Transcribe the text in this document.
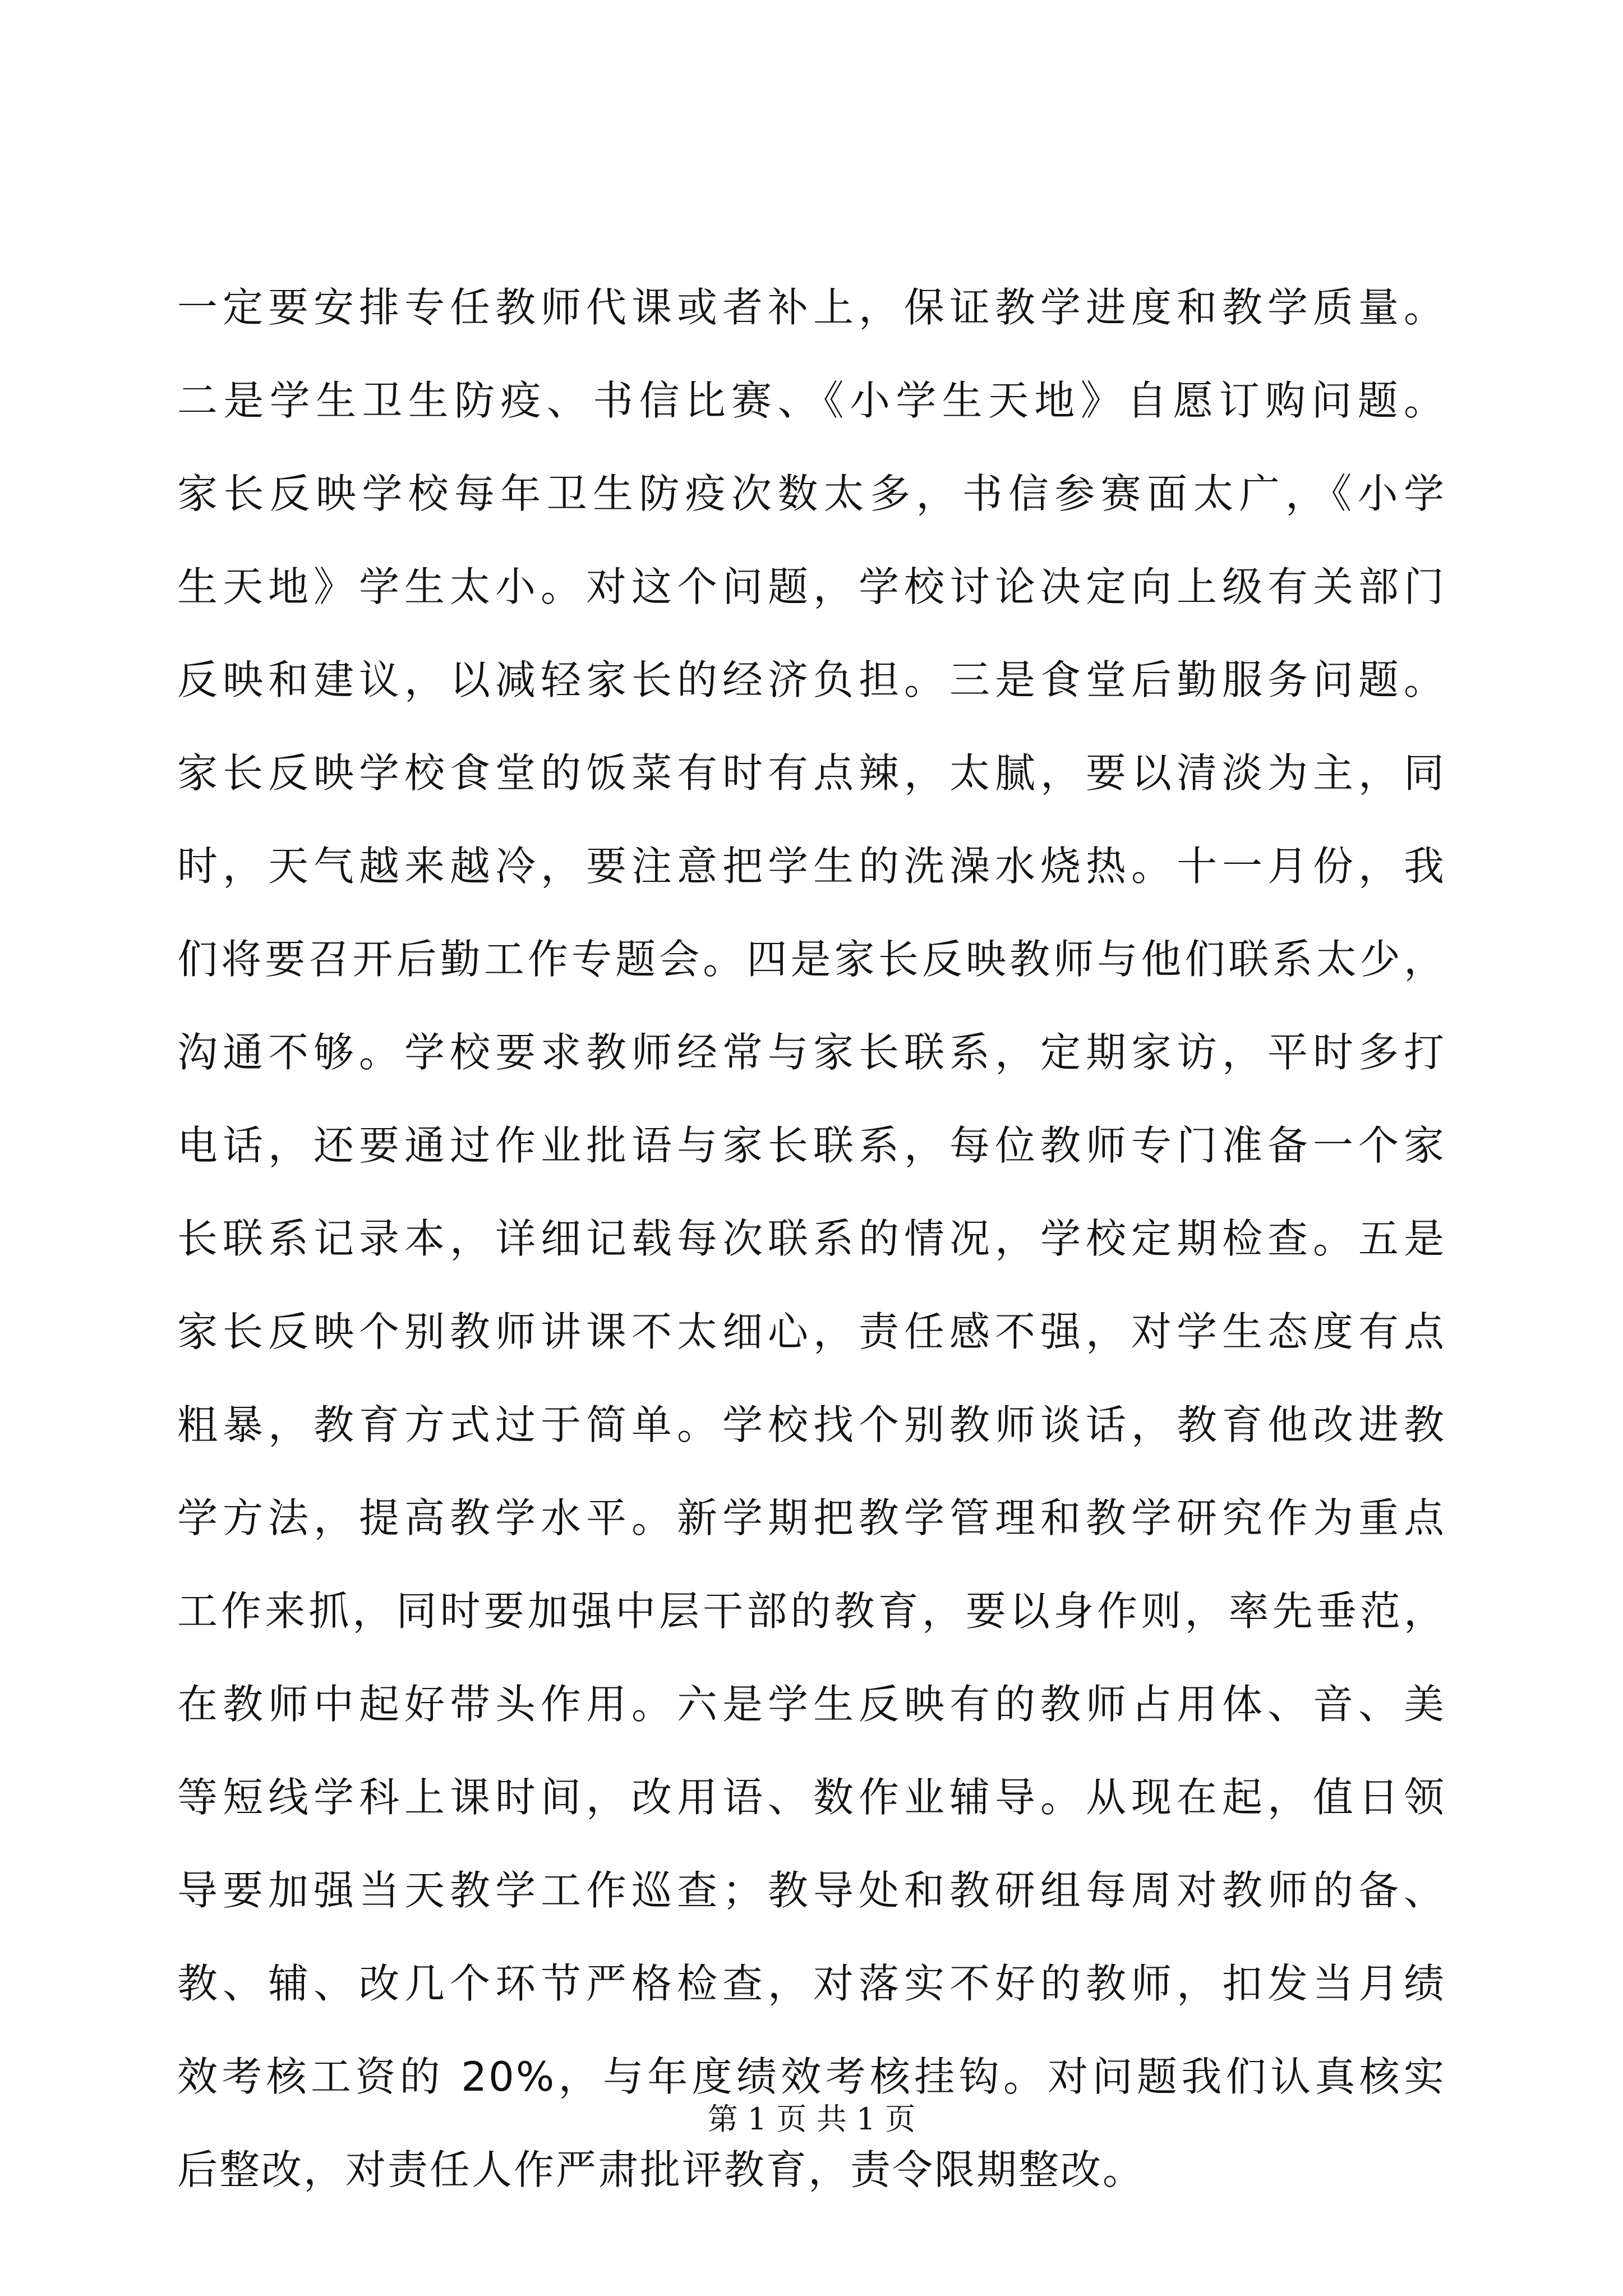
一定要安排专任教师代课或者补上，保证教学进度和教学质量。
二是学生卫生防疫、书信比赛、《小学生天地》自愿订购问题。
家长反映学校每年卫生防疫次数太多，书信参赛面太广，《小学
生天地》学生太小。对这个问题，学校讨论决定向上级有关部门
反映和建议，以减轻家长的经济负担。三是食堂后勤服务问题。
家长反映学校食堂的饭菜有时有点辣，太腻，要以清淡为主，同
时，天气越来越冷，要注意把学生的洗澡水烧热。十一月份，我
们将要召开后勤工作专题会。四是家长反映教师与他们联系太少，
沟通不够。学校要求教师经常与家长联系，定期家访，平时多打
电话，还要通过作业批语与家长联系，每位教师专门准备一个家
长联系记录本，详细记载每次联系的情况，学校定期检查。五是
家长反映个别教师讲课不太细心，责任感不强，对学生态度有点
粗暴，教育方式过于简单。学校找个别教师谈话，教育他改进教
学方法，提高教学水平。新学期把教学管理和教学研究作为重点
工作来抓，同时要加强中层干部的教育，要以身作则，率先垂范，
在教师中起好带头作用。六是学生反映有的教师占用体、音、美
等短线学科上课时间，改用语、数作业辅导。从现在起，值日领
导要加强当天教学工作巡查；教导处和教研组每周对教师的备、
教、辅、改几个环节严格检查，对落实不好的教师，扣发当月绩
效考核工资的 20%，与年度绩效考核挂钩。对问题我们认真核实
后整改，对责任人作严肃批评教育，责令限期整改。
第 1 页 共 1 页
